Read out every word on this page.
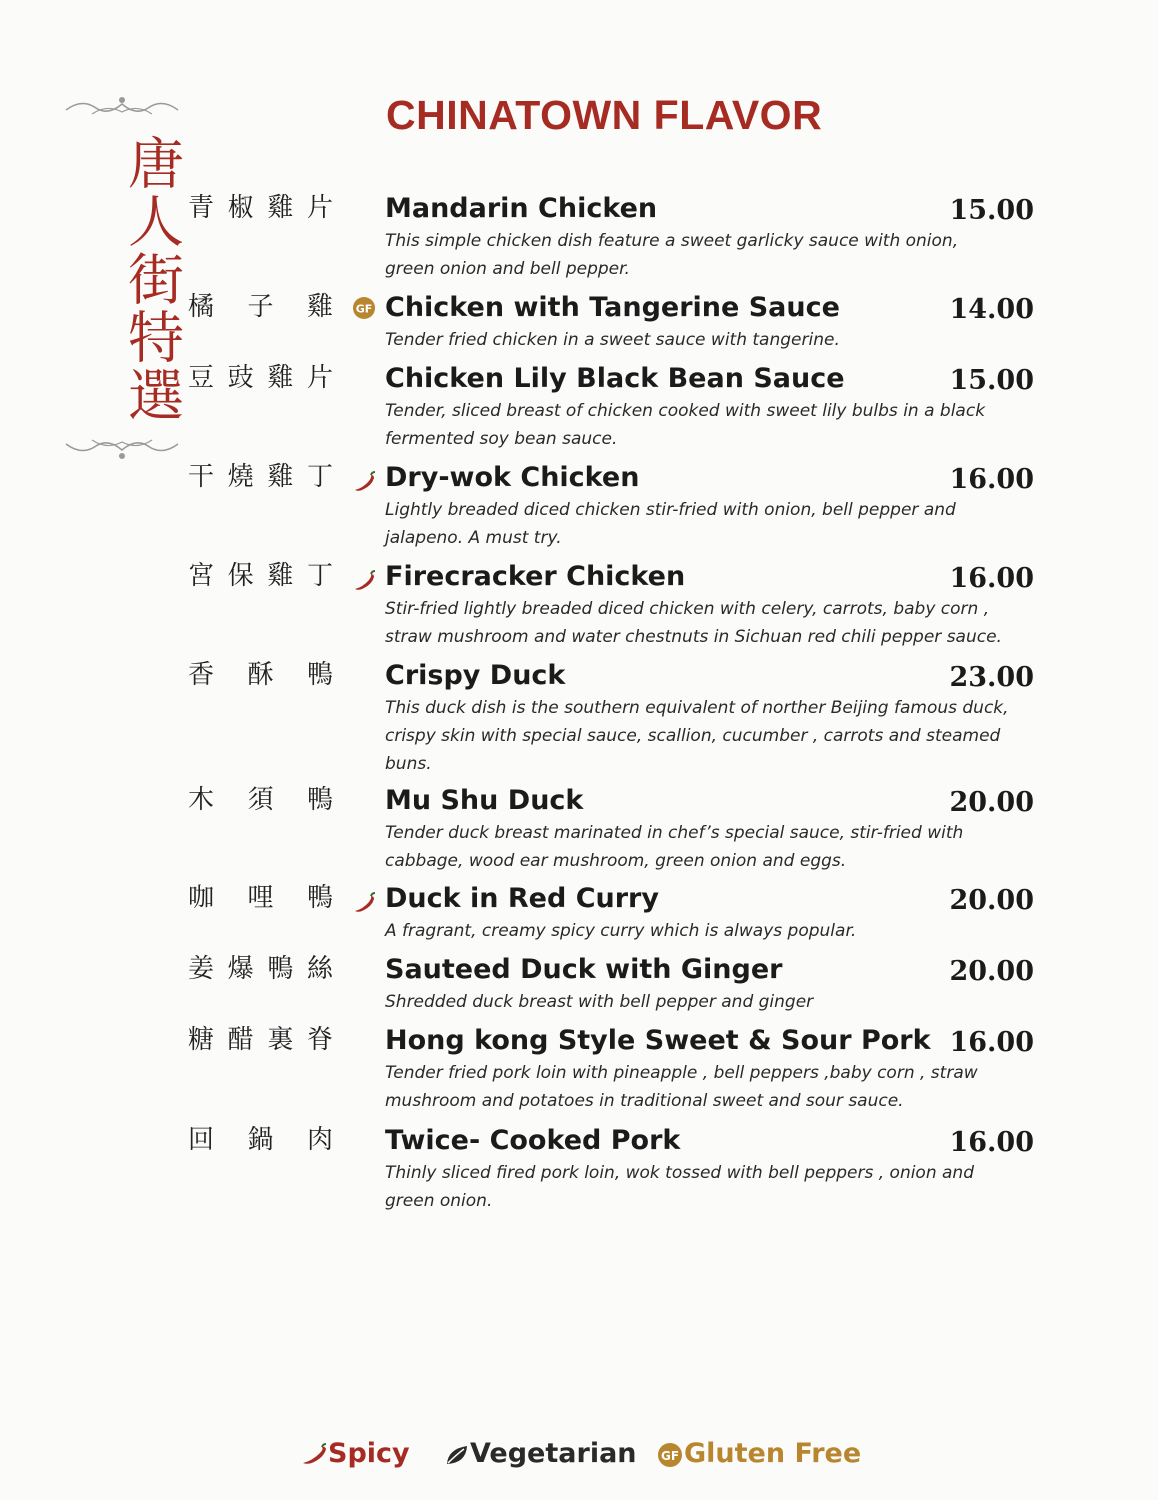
唐人街特選
CHINATOWN FLAVOR
青椒雞片 Mandarin Chicken	15.00
This simple chicken dish feature a sweet garlicky sauce with onion, green onion and bell pepper.
橘子雞 GF Chicken with Tangerine Sauce	14.00
Tender fried chicken in a sweet sauce with tangerine.
豆豉雞片 Chicken Lily Black Bean Sauce	15.00
Tender, sliced breast of chicken cooked with sweet lily bulbs in a black fermented soy bean sauce.
干燒雞丁 Dry-wok Chicken	16.00
Lightly breaded diced chicken stir-fried with onion, bell pepper and jalapeno. A must try.
宮保雞丁 Firecracker Chicken	16.00
Stir-fried lightly breaded diced chicken with celery, carrots, baby corn , straw mushroom and water chestnuts in Sichuan red chili pepper sauce.
香酥鴨 Crispy Duck	23.00
This duck dish is the southern equivalent of norther Beijing famous duck, crispy skin with special sauce, scallion, cucumber , carrots and steamed buns.
木須鴨 Mu Shu Duck	20.00
Tender duck breast marinated in chef’s special sauce, stir-fried with cabbage, wood ear mushroom, green onion and eggs.
咖哩鴨 Duck in Red Curry	20.00
A fragrant, creamy spicy curry which is always popular.
姜爆鴨絲 Sauteed Duck with Ginger	20.00
Shredded duck breast with bell pepper and ginger
糖醋裏脊 Hong kong Style Sweet & Sour Pork 16.00
Tender fried pork loin with pineapple , bell peppers ,baby corn , straw mushroom and potatoes in traditional sweet and sour sauce.
回鍋肉 Twice- Cooked Pork	16.00
Thinly sliced fired pork loin, wok tossed with bell peppers , onion and green onion.
Spicy	Vegetarian GF Gluten Free
